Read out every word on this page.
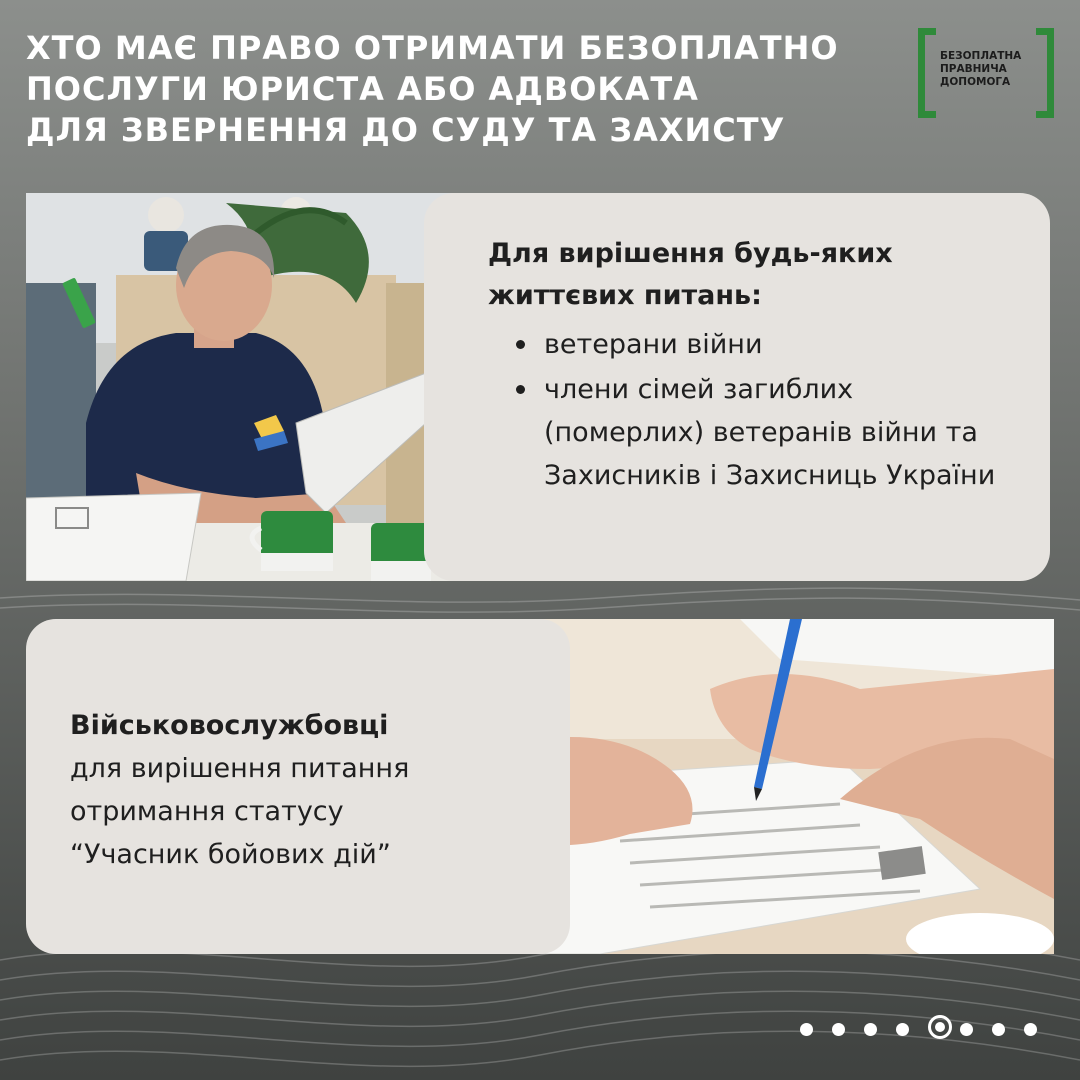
ХТО МАЄ ПРАВО ОТРИМАТИ БЕЗОПЛАТНО
ПОСЛУГИ ЮРИСТА АБО АДВОКАТА
ДЛЯ ЗВЕРНЕННЯ ДО СУДУ ТА ЗАХИСТУ
БЕЗОПЛАТНА
ПРАВНИЧА
ДОПОМОГА
Для вирішення будь-яких
життєвих питань:
ветерани війни
члени сімей загиблих (померлих) ветеранів війни та Захисників і Захисниць України
Військовослужбовці
для вирішення питання
отримання статусу
“Учасник бойових дій”
